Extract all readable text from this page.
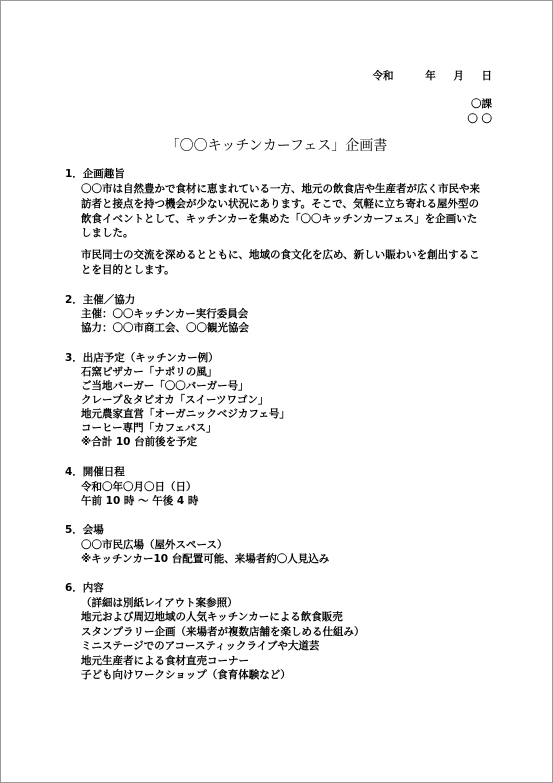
令和	年 月 日
〇課
〇 〇
「〇〇キッチンカーフェス」企画書
1．企画趣旨
〇〇市は自然豊かで食材に恵まれている一方、地元の飲食店や生産者が広く市民や来
訪者と接点を持つ機会が少ない状況にあります。そこで、気軽に立ち寄れる屋外型の
飲食イベントとして、キッチンカーを集めた「〇〇キッチンカーフェス」を企画いた
しました。
市民同士の交流を深めるとともに、地域の食文化を広め、新しい賑わいを創出するこ
とを目的とします。
2．主催／協力
主催：〇〇キッチンカー実行委員会
協力：〇〇市商工会、〇〇観光協会
3．出店予定（キッチンカー例）
石窯ピザカー「ナポリの風」
ご当地バーガー「〇〇バーガー号」
クレープ＆タピオカ「スイーツワゴン」
地元農家直営「オーガニックベジカフェ号」
コーヒー専門「カフェバス」
※合計 10 台前後を予定
4．開催日程
令和〇年〇月〇日（日）
午前 10 時 ～ 午後 4 時
5．会場
〇〇市民広場（屋外スペース）
※キッチンカー10 台配置可能、来場者約〇人見込み
6．内容
（詳細は別紙レイアウト案参照）
地元および周辺地域の人気キッチンカーによる飲食販売
スタンプラリー企画（来場者が複数店舗を楽しめる仕組み）
ミニステージでのアコースティックライブや大道芸
地元生産者による食材直売コーナー
子ども向けワークショップ（食育体験など）
